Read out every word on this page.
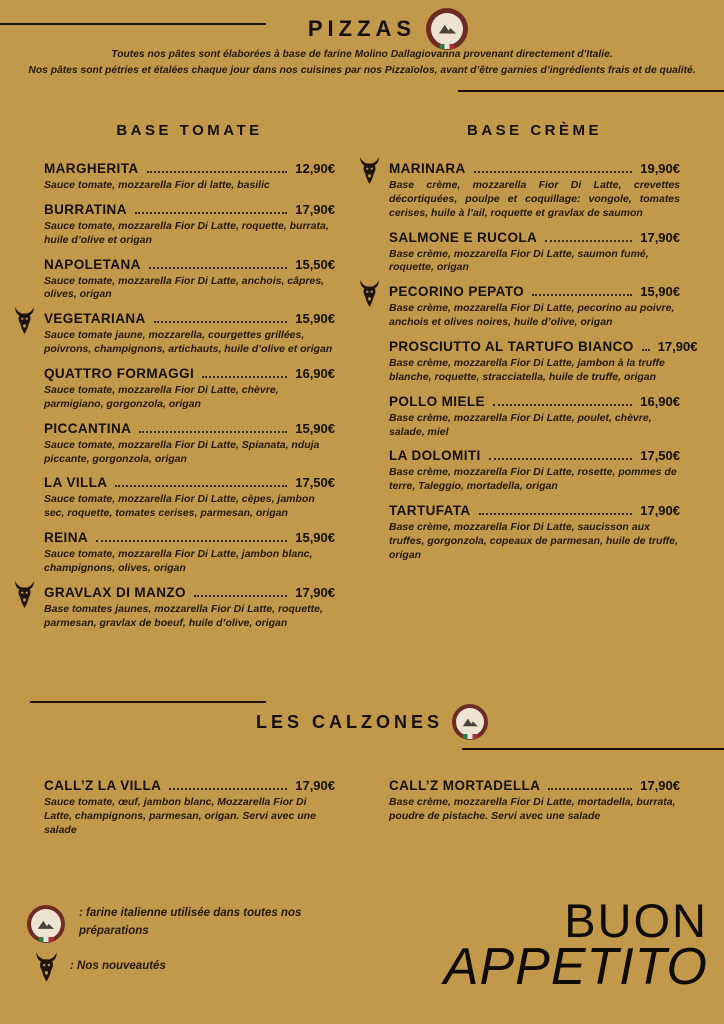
PIZZAS
Toutes nos pâtes sont élaborées à base de farine Molino Dallagiovanna provenant directement d’Italie.
Nos pâtes sont pétries et étalées chaque jour dans nos cuisines par nos Pizzaïolos, avant d’être garnies d’ingrédients frais et de qualité.
BASE TOMATE
MARGHERITA	12,90€
Sauce tomate, mozzarella Fior di latte, basilic
BURRATINA	17,90€
Sauce tomate, mozzarella Fior Di Latte, roquette, burrata, huile d’olive et origan
NAPOLETANA	15,50€
Sauce tomate, mozzarella Fior Di Latte, anchois, câpres, olives, origan
VEGETARIANA	15,90€
Sauce tomate jaune, mozzarella, courgettes grillées, poivrons, champignons, artichauts, huile d’olive et origan
QUATTRO FORMAGGI	16,90€
Sauce tomate, mozzarella Fior Di Latte, chèvre, parmigiano, gorgonzola, origan
PICCANTINA	15,90€
Sauce tomate, mozzarella Fior Di Latte, Spianata, nduja piccante, gorgonzola, origan
LA VILLA	17,50€
Sauce tomate, mozzarella Fior Di Latte, cèpes, jambon sec, roquette, tomates cerises, parmesan, origan
REINA	15,90€
Sauce tomate, mozzarella Fior Di Latte, jambon blanc, champignons, olives, origan
GRAVLAX DI MANZO	17,90€
Base tomates jaunes, mozzarella Fior Di Latte, roquette, parmesan, gravlax de boeuf, huile d’olive, origan
BASE CRÈME
MARINARA	19,90€
Base crème, mozzarella Fior Di Latte, crevettes décortiquées, poulpe et coquillage: vongole, tomates cerises, huile à l’ail, roquette et gravlax de saumon
SALMONE E RUCOLA	17,90€
Base crème, mozzarella Fior Di Latte, saumon fumé, roquette, origan
PECORINO PEPATO	15,90€
Base crème, mozzarella Fior Di Latte, pecorino au poivre, anchois et olives noires, huile d’olive, origan
PROSCIUTTO AL TARTUFO BIANCO 17,90€
Base crème, mozzarella Fior Di Latte, jambon à la truffe blanche, roquette, stracciatella, huile de truffe, origan
POLLO MIELE	16,90€
Base crème, mozzarella Fior Di Latte, poulet, chèvre, salade, miel
LA DOLOMITI	17,50€
Base crème, mozzarella Fior Di Latte, rosette, pommes de terre, Taleggio, mortadella, origan
TARTUFATA	17,90€
Base crème, mozzarella Fior Di Latte, saucisson aux truffes, gorgonzola, copeaux de parmesan, huile de truffe, origan
LES CALZONES
CALL’Z LA VILLA	17,90€
Sauce tomate, œuf, jambon blanc, Mozzarella Fior Di Latte, champignons, parmesan, origan. Servi avec une salade
CALL’Z MORTADELLA	17,90€
Base crème, mozzarella Fior Di Latte, mortadella, burrata, poudre de pistache. Servi avec une salade
: farine italienne utilisée dans toutes nos préparations
: Nos nouveautés
BUON
APPETITO
